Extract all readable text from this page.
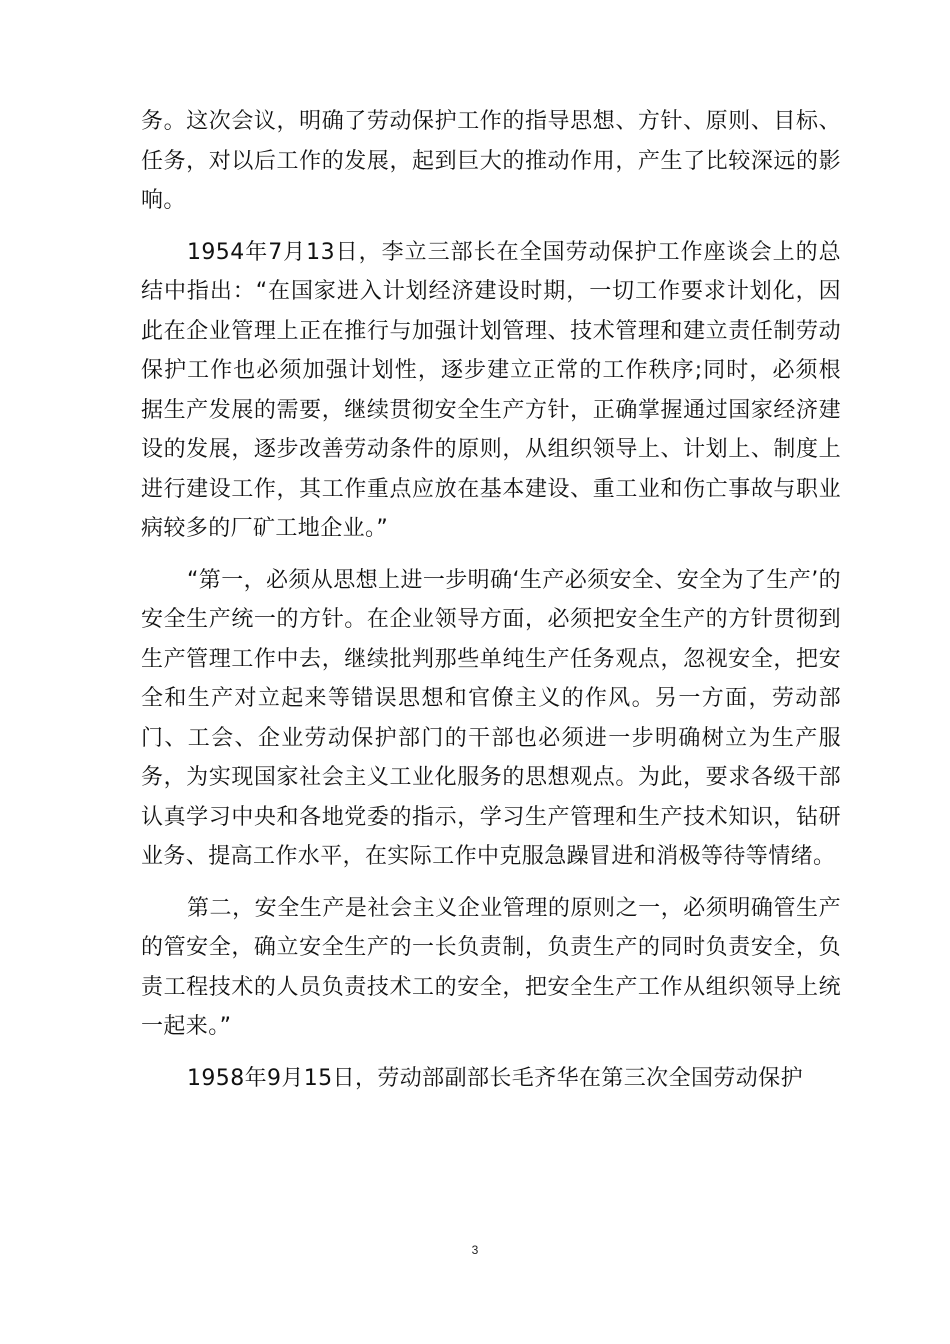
务。这次会议，明确了劳动保护工作的指导思想、方针、原则、目标、任务，对以后工作的发展，起到巨大的推动作用，产生了比较深远的影响。

1954年7月13日，李立三部长在全国劳动保护工作座谈会上的总结中指出：“在国家进入计划经济建设时期，一切工作要求计划化，因此在企业管理上正在推行与加强计划管理、技术管理和建立责任制劳动保护工作也必须加强计划性，逐步建立正常的工作秩序;同时，必须根据生产发展的需要，继续贯彻安全生产方针，正确掌握通过国家经济建设的发展，逐步改善劳动条件的原则，从组织领导上、计划上、制度上进行建设工作，其工作重点应放在基本建设、重工业和伤亡事故与职业病较多的厂矿工地企业。”

“第一，必须从思想上进一步明确‘生产必须安全、安全为了生产’的安全生产统一的方针。在企业领导方面，必须把安全生产的方针贯彻到生产管理工作中去，继续批判那些单纯生产任务观点，忽视安全，把安全和生产对立起来等错误思想和官僚主义的作风。另一方面，劳动部门、工会、企业劳动保护部门的干部也必须进一步明确树立为生产服务，为实现国家社会主义工业化服务的思想观点。为此，要求各级干部认真学习中央和各地党委的指示，学习生产管理和生产技术知识，钻研业务、提高工作水平，在实际工作中克服急躁冒进和消极等待等情绪。

第二，安全生产是社会主义企业管理的原则之一，必须明确管生产的管安全，确立安全生产的一长负责制，负责生产的同时负责安全，负责工程技术的人员负责技术工的安全，把安全生产工作从组织领导上统一起来。”

1958年9月15日，劳动部副部长毛齐华在第三次全国劳动保护

3
